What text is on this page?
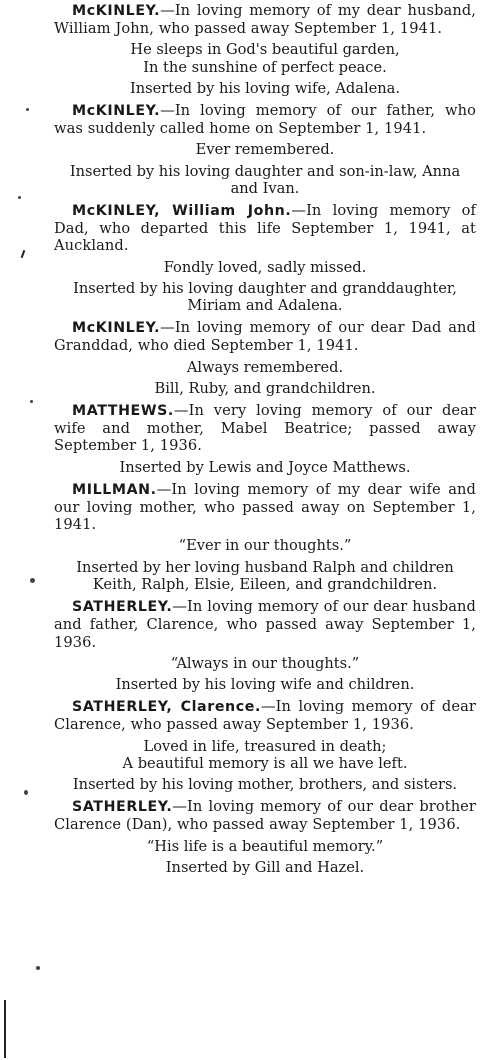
McKINLEY.—In loving memory of my dear husband, William John, who passed away September 1, 1941.

He sleeps in God's beautiful garden,
In the sunshine of perfect peace.

Inserted by his loving wife, Adalena.

McKINLEY.—In loving memory of our father, who was suddenly called home on September 1, 1941.

Ever remembered.

Inserted by his loving daughter and son-in-law, Anna and Ivan.

McKINLEY, William John.—In loving memory of Dad, who departed this life September 1, 1941, at Auckland.

Fondly loved, sadly missed.

Inserted by his loving daughter and granddaughter, Miriam and Adalena.

McKINLEY.—In loving memory of our dear Dad and Granddad, who died September 1, 1941.

Always remembered.

Bill, Ruby, and grandchildren.

MATTHEWS.—In very loving memory of our dear wife and mother, Mabel Beatrice; passed away September 1, 1936.

Inserted by Lewis and Joyce Matthews.

MILLMAN.—In loving memory of my dear wife and our loving mother, who passed away on September 1, 1941.

“Ever in our thoughts.”

Inserted by her loving husband Ralph and children Keith, Ralph, Elsie, Eileen, and grandchildren.

SATHERLEY.—In loving memory of our dear husband and father, Clarence, who passed away September 1, 1936.

“Always in our thoughts.”

Inserted by his loving wife and children.

SATHERLEY, Clarence.—In loving memory of dear Clarence, who passed away September 1, 1936.

Loved in life, treasured in death;
A beautiful memory is all we have left.

Inserted by his loving mother, brothers, and sisters.

SATHERLEY.—In loving memory of our dear brother Clarence (Dan), who passed away September 1, 1936.

“His life is a beautiful memory.”

Inserted by Gill and Hazel.
